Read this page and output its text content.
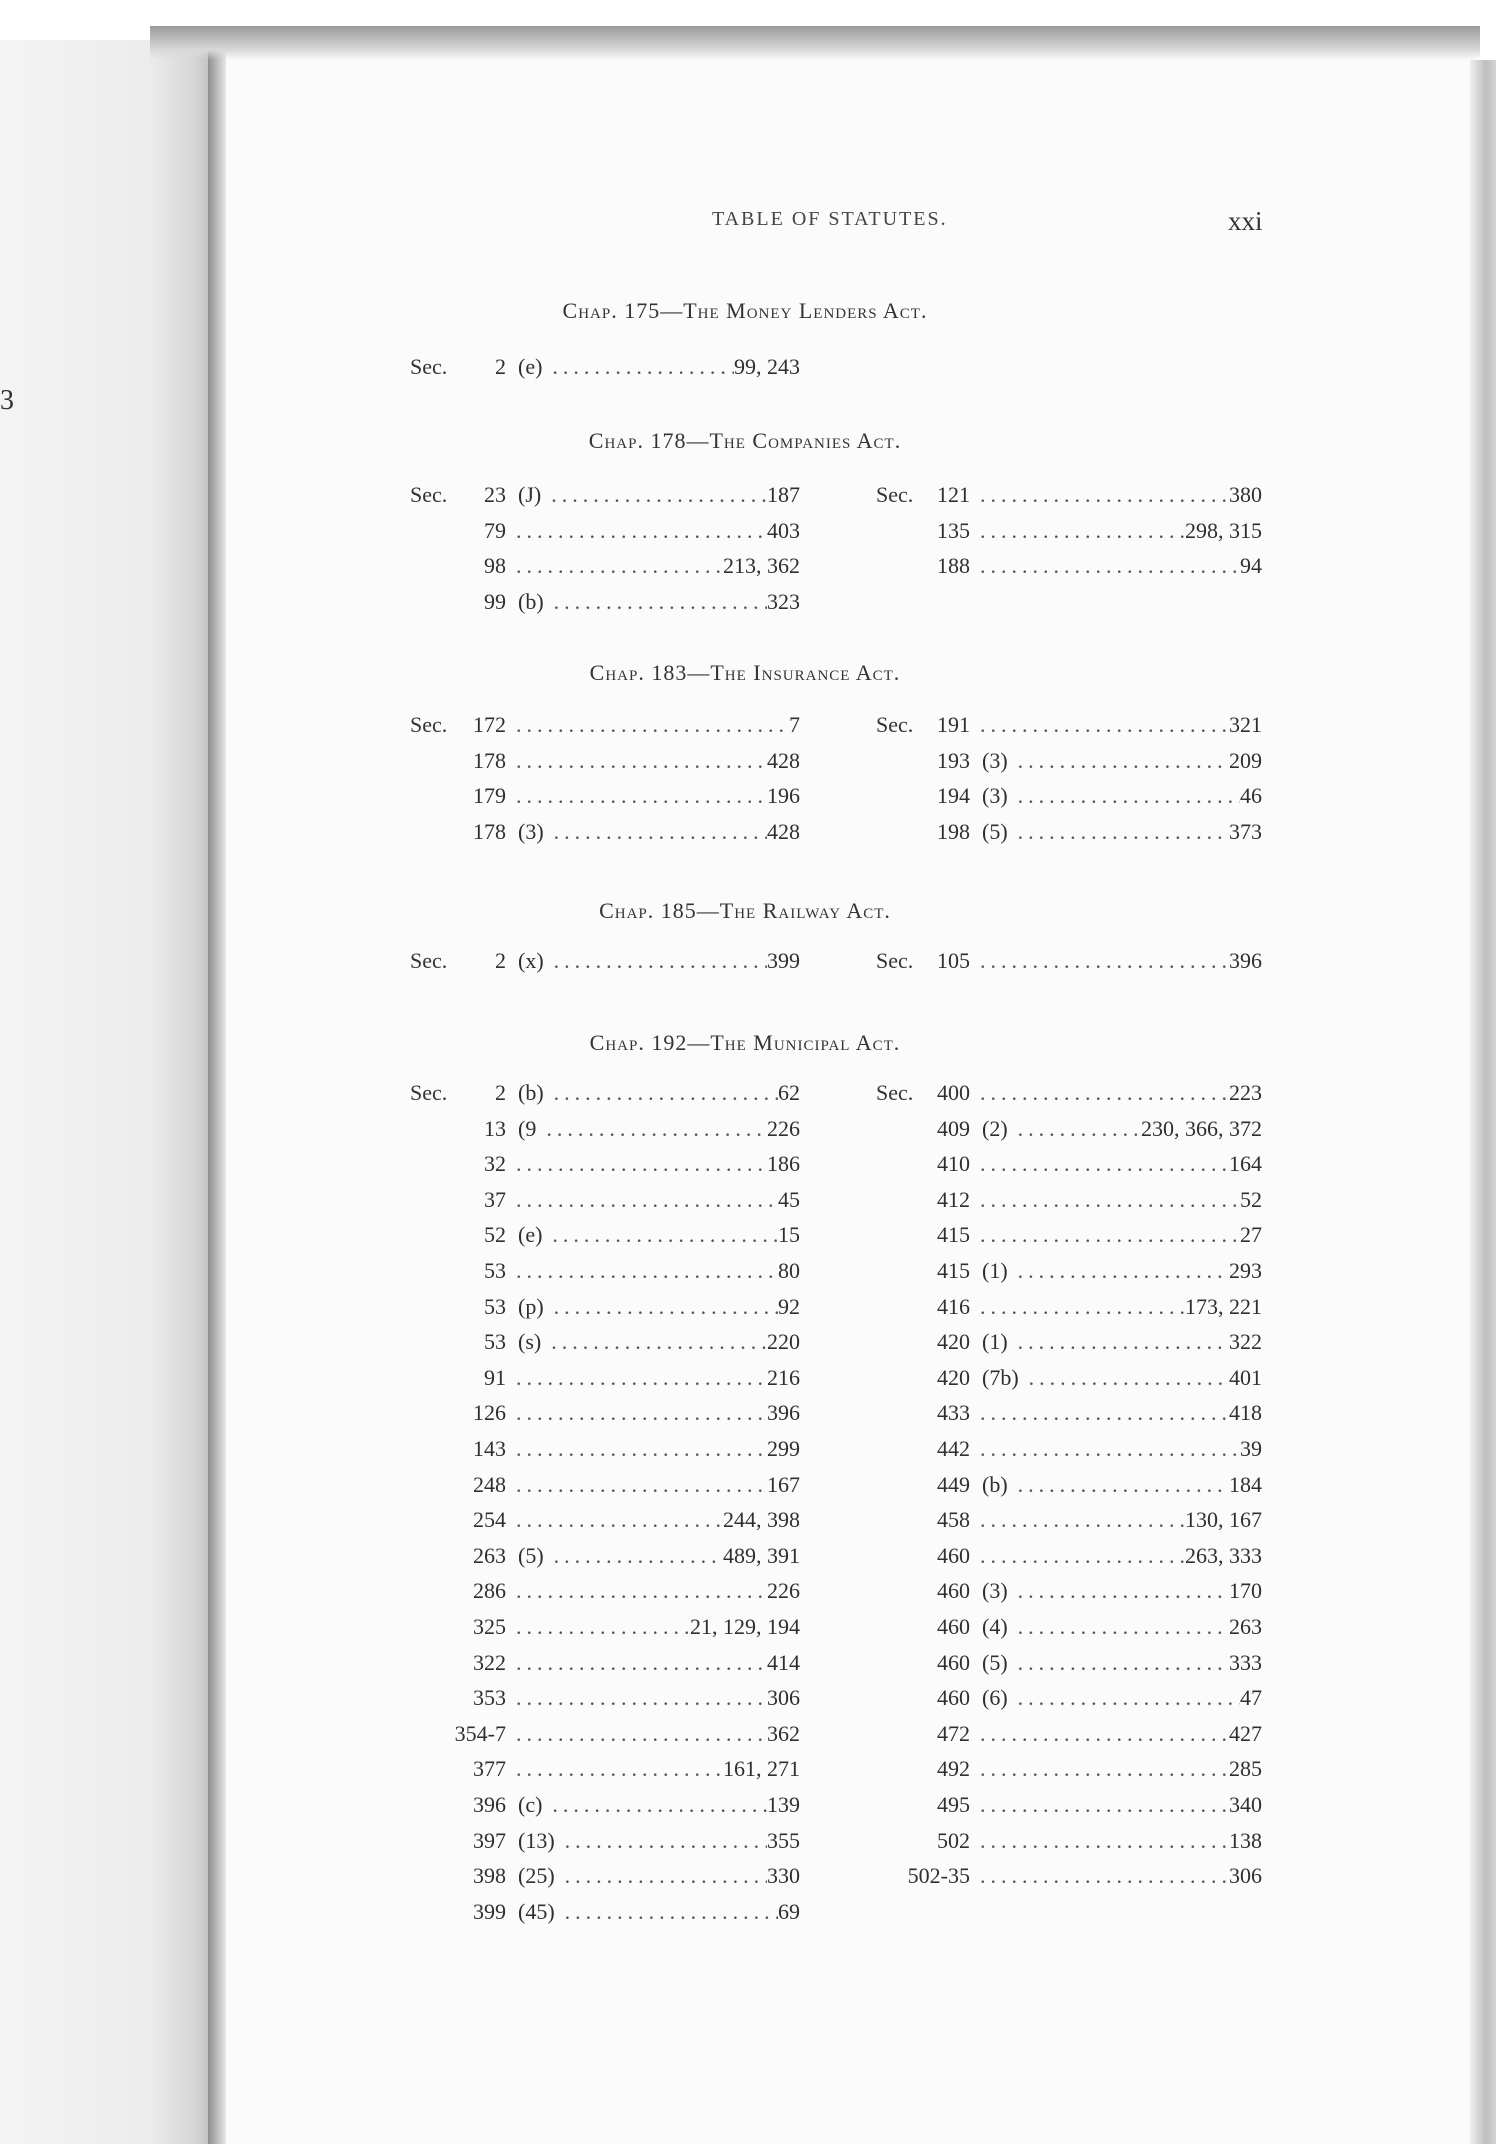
3
TABLE OF STATUTES.	xxi
Chap. 175—The Money Lenders Act.
Sec.	2 (e) .....	99, 243
Chap. 178—The Companies Act.
Sec.	23 (J) .....	187
79 .....	403
98 .....	213, 362
99 (b) .....	323
Sec.	121 .....	380
135 .....	298, 315
188 .....	94
Chap. 183—The Insurance Act.
Sec.	172 .....	7
178 .....	428
179 .....	196
178 (3) .....	428
Sec.	191 .....	321
193 (3) .....	209
194 (3) .....	46
198 (5) .....	373
Chap. 185—The Railway Act.
Sec.	2 (x) .....	399	Sec.	105 .....	396
Chap. 192—The Municipal Act.
Sec.	2 (b) .....	62
13 (9 .....	226
32 .....	186
37 .....	45
52 (e) .....	15
53 .....	80
53 (p) .....	92
53 (s) .....	220
91 .....	216
126 .....	396
143 .....	299
248 .....	167
254 .....	244, 398
263 (5) .....	489, 391
286 .....	226
325 .....	21, 129, 194
322 .....	414
353 .....	306
354-7 .....	362
377 .....	161, 271
396 (c) .....	139
397 (13) .....	355
398 (25) .....	330
399 (45) .....	69
Sec.	400 .....	223
409 (2) .....	230, 366, 372
410 .....	164
412 .....	52
415 .....	27
415 (1) .....	293
416 .....	173, 221
420 (1) .....	322
420 (7b) .....	401
433 .....	418
442 .....	39
449 (b) .....	184
458 .....	130, 167
460 .....	263, 333
460 (3) .....	170
460 (4) .....	263
460 (5) .....	333
460 (6) .....	47
472 .....	427
492 .....	285
495 .....	340
502 .....	138
502-35 .....	306
